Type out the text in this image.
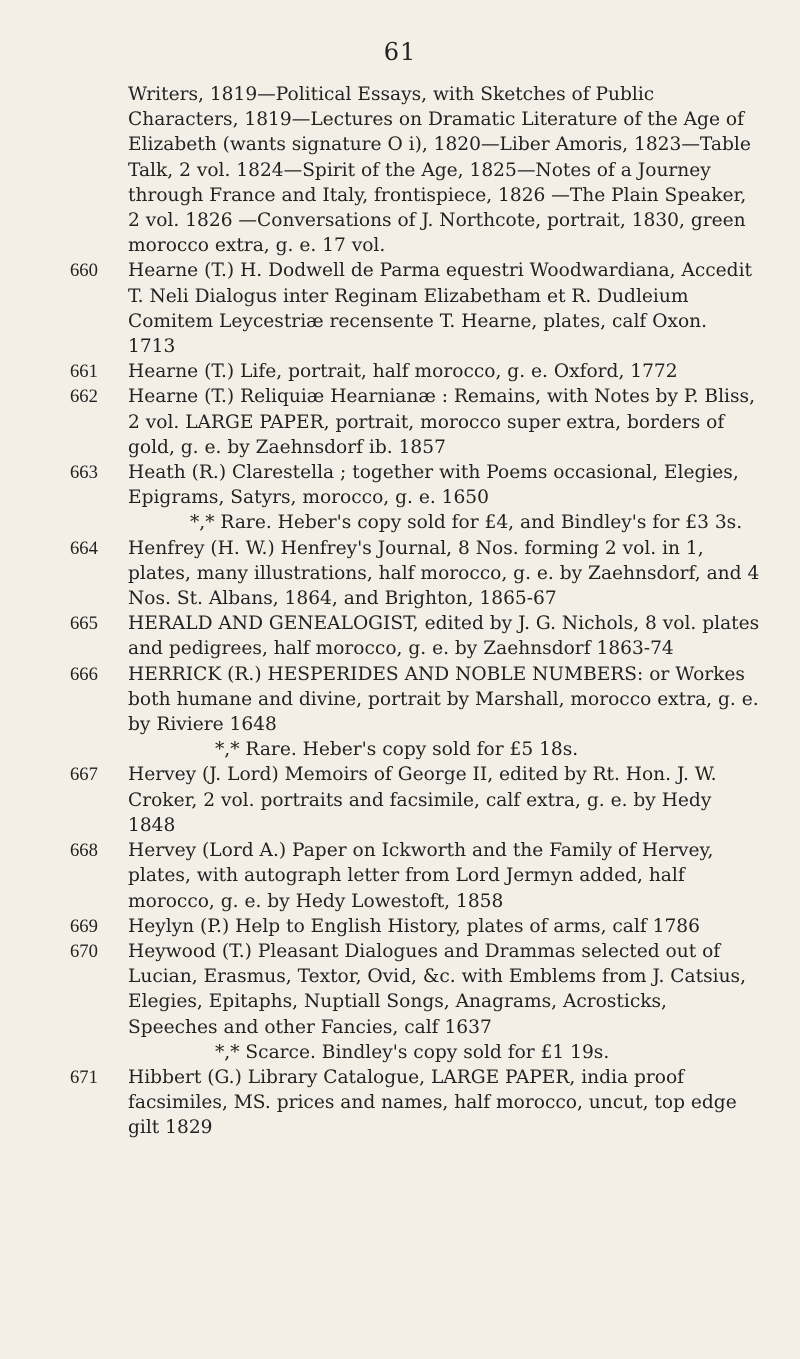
61

Writers, 1819—Political Essays, with Sketches of Public Characters, 1819—Lectures on Dramatic Literature of the Age of Elizabeth (wants signature O i), 1820—Liber Amoris, 1823—Table Talk, 2 vol. 1824—Spirit of the Age, 1825—Notes of a Journey through France and Italy, frontispiece, 1826 —The Plain Speaker, 2 vol. 1826 —Conversations of J. Northcote, portrait, 1830, green morocco extra, g. e. 17 vol.

660	Hearne (T.) H. Dodwell de Parma equestri Woodwardiana, Accedit T. Neli Dialogus inter Reginam Elizabetham et R. Dudleium Comitem Leycestriæ recensente T. Hearne, plates, calf Oxon. 1713

661	Hearne (T.) Life, portrait, half morocco, g. e. Oxford, 1772

662	Hearne (T.) Reliquiæ Hearnianæ : Remains, with Notes by P. Bliss, 2 vol. LARGE PAPER, portrait, morocco super extra, borders of gold, g. e. by Zaehnsdorf ib. 1857

663	Heath (R.) Clarestella ; together with Poems occasional, Elegies, Epigrams, Satyrs, morocco, g. e. 1650

*,* Rare. Heber's copy sold for £4, and Bindley's for £3 3s.

664	Henfrey (H. W.) Henfrey's Journal, 8 Nos. forming 2 vol. in 1, plates, many illustrations, half morocco, g. e. by Zaehnsdorf, and 4 Nos. St. Albans, 1864, and Brighton, 1865-67

665	HERALD AND GENEALOGIST, edited by J. G. Nichols, 8 vol. plates and pedigrees, half morocco, g. e. by Zaehnsdorf 1863-74

666	HERRICK (R.) HESPERIDES AND NOBLE NUMBERS: or Workes both humane and divine, portrait by Marshall, morocco extra, g. e. by Riviere 1648

*,* Rare. Heber's copy sold for £5 18s.

667	Hervey (J. Lord) Memoirs of George II, edited by Rt. Hon. J. W. Croker, 2 vol. portraits and facsimile, calf extra, g. e. by Hedy 1848

668	Hervey (Lord A.) Paper on Ickworth and the Family of Hervey, plates, with autograph letter from Lord Jermyn added, half morocco, g. e. by Hedy Lowestoft, 1858

669	Heylyn (P.) Help to English History, plates of arms, calf 1786

670	Heywood (T.) Pleasant Dialogues and Drammas selected out of Lucian, Erasmus, Textor, Ovid, &c. with Emblems from J. Catsius, Elegies, Epitaphs, Nuptiall Songs, Anagrams, Acrosticks, Speeches and other Fancies, calf 1637

*,* Scarce. Bindley's copy sold for £1 19s.

671	Hibbert (G.) Library Catalogue, LARGE PAPER, india proof facsimiles, MS. prices and names, half morocco, uncut, top edge gilt 1829
